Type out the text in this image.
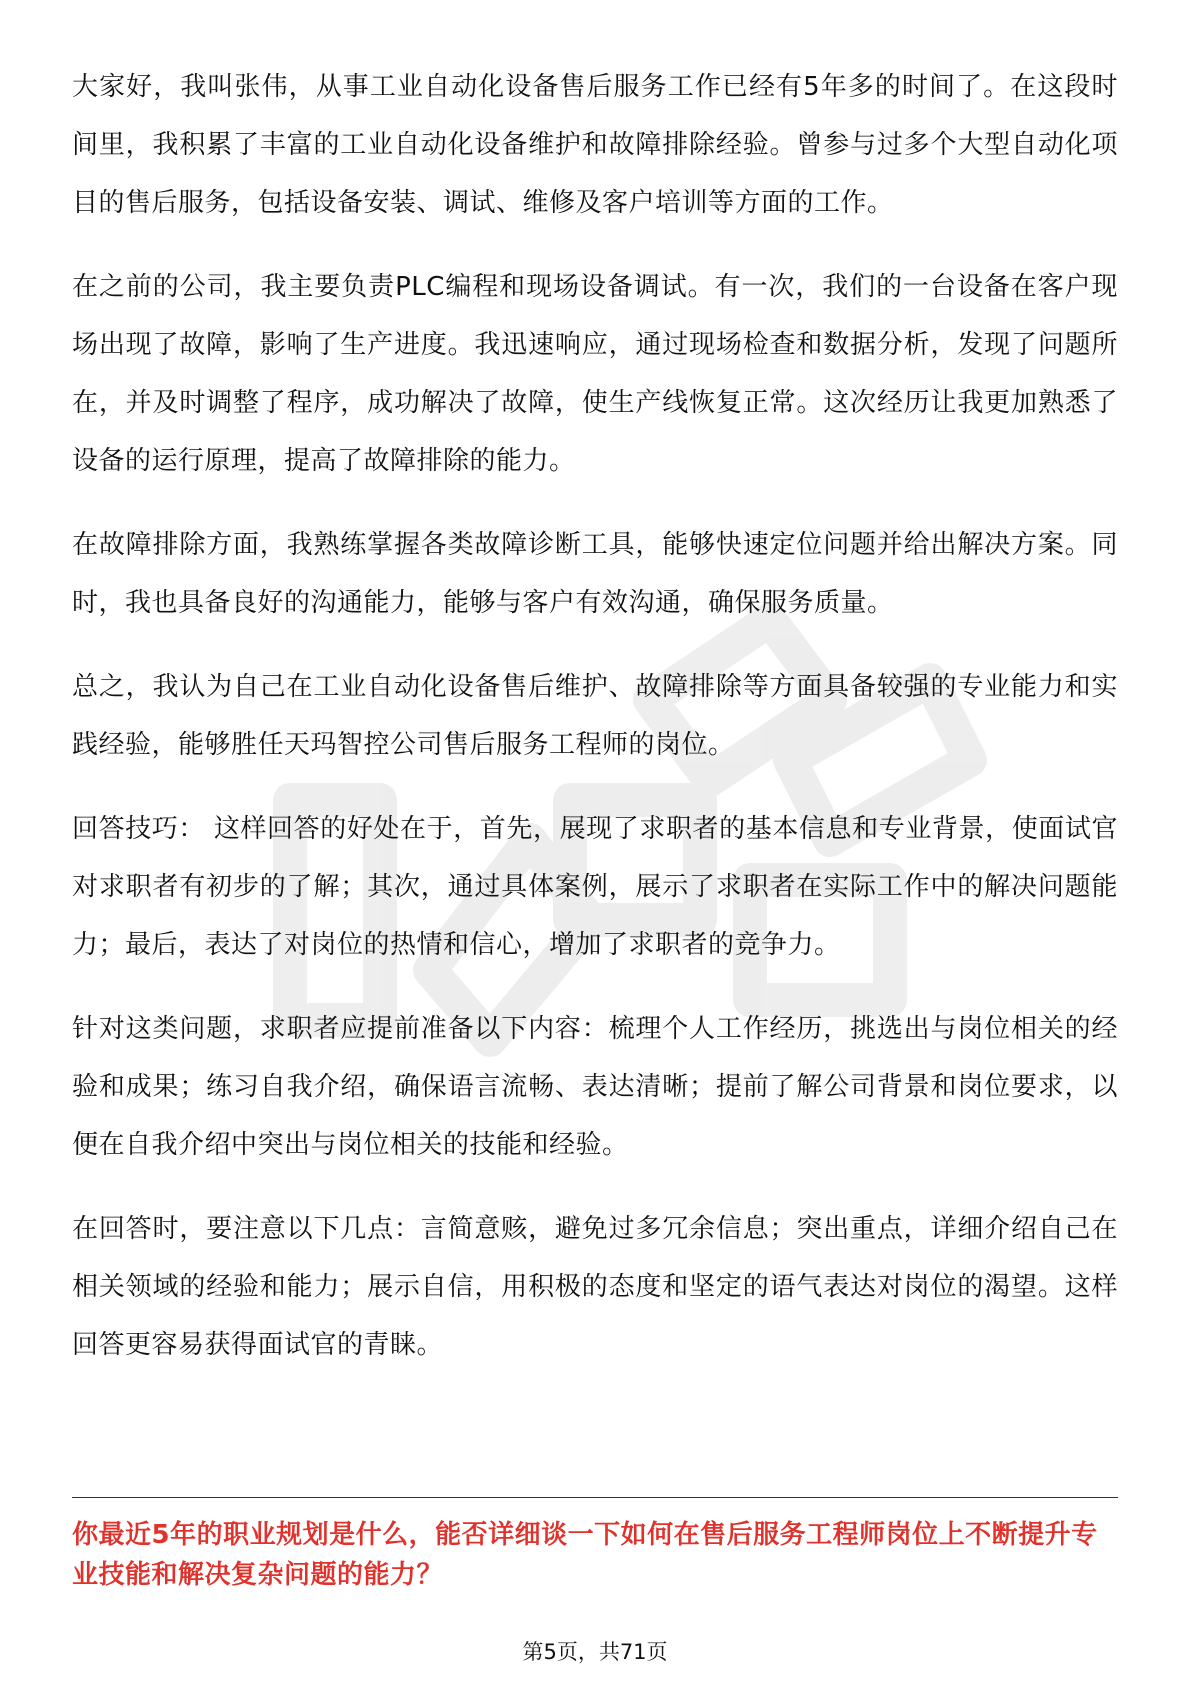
大家好，我叫张伟，从事工业自动化设备售后服务工作已经有5年多的时间了。在这段时间里，我积累了丰富的工业自动化设备维护和故障排除经验。曾参与过多个大型自动化项目的售后服务，包括设备安装、调试、维修及客户培训等方面的工作。

在之前的公司，我主要负责PLC编程和现场设备调试。有一次，我们的一台设备在客户现场出现了故障，影响了生产进度。我迅速响应，通过现场检查和数据分析，发现了问题所在，并及时调整了程序，成功解决了故障，使生产线恢复正常。这次经历让我更加熟悉了设备的运行原理，提高了故障排除的能力。

在故障排除方面，我熟练掌握各类故障诊断工具，能够快速定位问题并给出解决方案。同时，我也具备良好的沟通能力，能够与客户有效沟通，确保服务质量。

总之，我认为自己在工业自动化设备售后维护、故障排除等方面具备较强的专业能力和实践经验，能够胜任天玛智控公司售后服务工程师的岗位。

回答技巧： 这样回答的好处在于，首先，展现了求职者的基本信息和专业背景，使面试官对求职者有初步的了解；其次，通过具体案例，展示了求职者在实际工作中的解决问题能力；最后，表达了对岗位的热情和信心，增加了求职者的竞争力。

针对这类问题，求职者应提前准备以下内容：梳理个人工作经历，挑选出与岗位相关的经验和成果；练习自我介绍，确保语言流畅、表达清晰；提前了解公司背景和岗位要求，以便在自我介绍中突出与岗位相关的技能和经验。

在回答时，要注意以下几点：言简意赅，避免过多冗余信息；突出重点，详细介绍自己在相关领域的经验和能力；展示自信，用积极的态度和坚定的语气表达对岗位的渴望。这样回答更容易获得面试官的青睐。

你最近5年的职业规划是什么，能否详细谈一下如何在售后服务工程师岗位上不断提升专业技能和解决复杂问题的能力？
第5页，共71页
